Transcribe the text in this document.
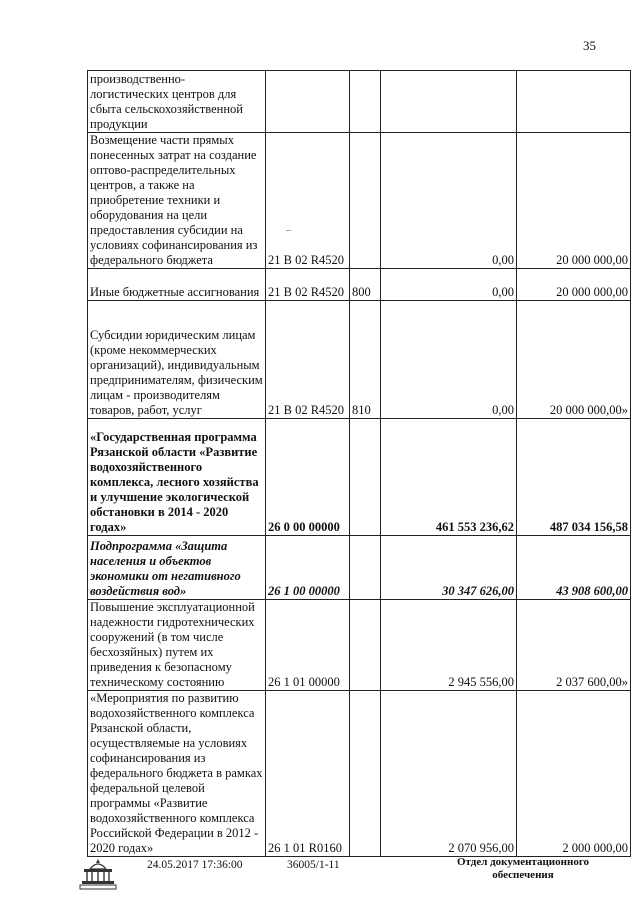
35
производственно-логистических центров для сбыта сельскохозяйственной продукции				
Возмещение части прямых понесенных затрат на создание оптово-распределительных центров, а также на приобретение техники и оборудования на цели предоставления субсидии на условиях софинансирования из федерального бюджета	21 В 02 R4520		0,00	20 000 000,00
Иные бюджетные ассигнования	21 В 02 R4520	800	0,00	20 000 000,00
Субсидии юридическим лицам (кроме некоммерческих организаций), индивидуальным предпринимателям, физическим лицам - производителям товаров, работ, услуг	21 В 02 R4520	810	0,00	20 000 000,00»
«Государственная программа Рязанской области «Развитие водохозяйственного комплекса, лесного хозяйства и улучшение экологической обстановки в 2014 - 2020 годах»	26 0 00 00000		461 553 236,62	487 034 156,58
Подпрограмма «Защита населения и объектов экономики от негативного воздействия вод»	26 1 00 00000		30 347 626,00	43 908 600,00
Повышение эксплуатационной надежности гидротехнических сооружений (в том числе бесхозяйных) путем их приведения к безопасному техническому состоянию	26 1 01 00000		2 945 556,00	2 037 600,00»
«Мероприятия по развитию водохозяйственного комплекса Рязанской области, осуществляемые на условиях софинансирования из федерального бюджета в рамках федеральной целевой программы «Развитие водохозяйственного комплекса Российской Федерации в 2012 - 2020 годах»	26 1 01 R0160		2 070 956,00	2 000 000,00
–
24.05.2017 17:36:00	36005/1-11	Отдел документационного
обеспечения
